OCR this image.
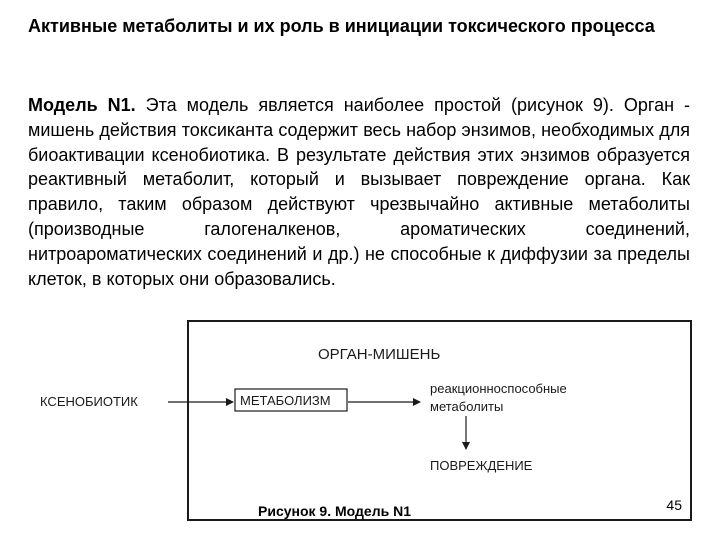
Активные метаболиты и их роль в инициации токсического процесса

Модель N1. Эта модель является наиболее простой (рисунок 9). Орган - мишень действия токсиканта содержит весь набор энзимов, необходимых для биоактивации ксенобиотика. В результате действия этих энзимов образуется реактивный метаболит, который и вызывает повреждение органа. Как правило, таким образом действуют чрезвычайно активные метаболиты (производные галогеналкенов, ароматических соединений, нитроароматических соединений и др.) не способные к диффузии за пределы клеток, в которых они образовались.

ОРГАН-МИШЕНЬ
КСЕНОБИОТИК	МЕТАБОЛИЗМ
реакционноспособные
метаболиты
ПОВРЕЖДЕНИЕ

Рисунок 9. Модель N1	45
